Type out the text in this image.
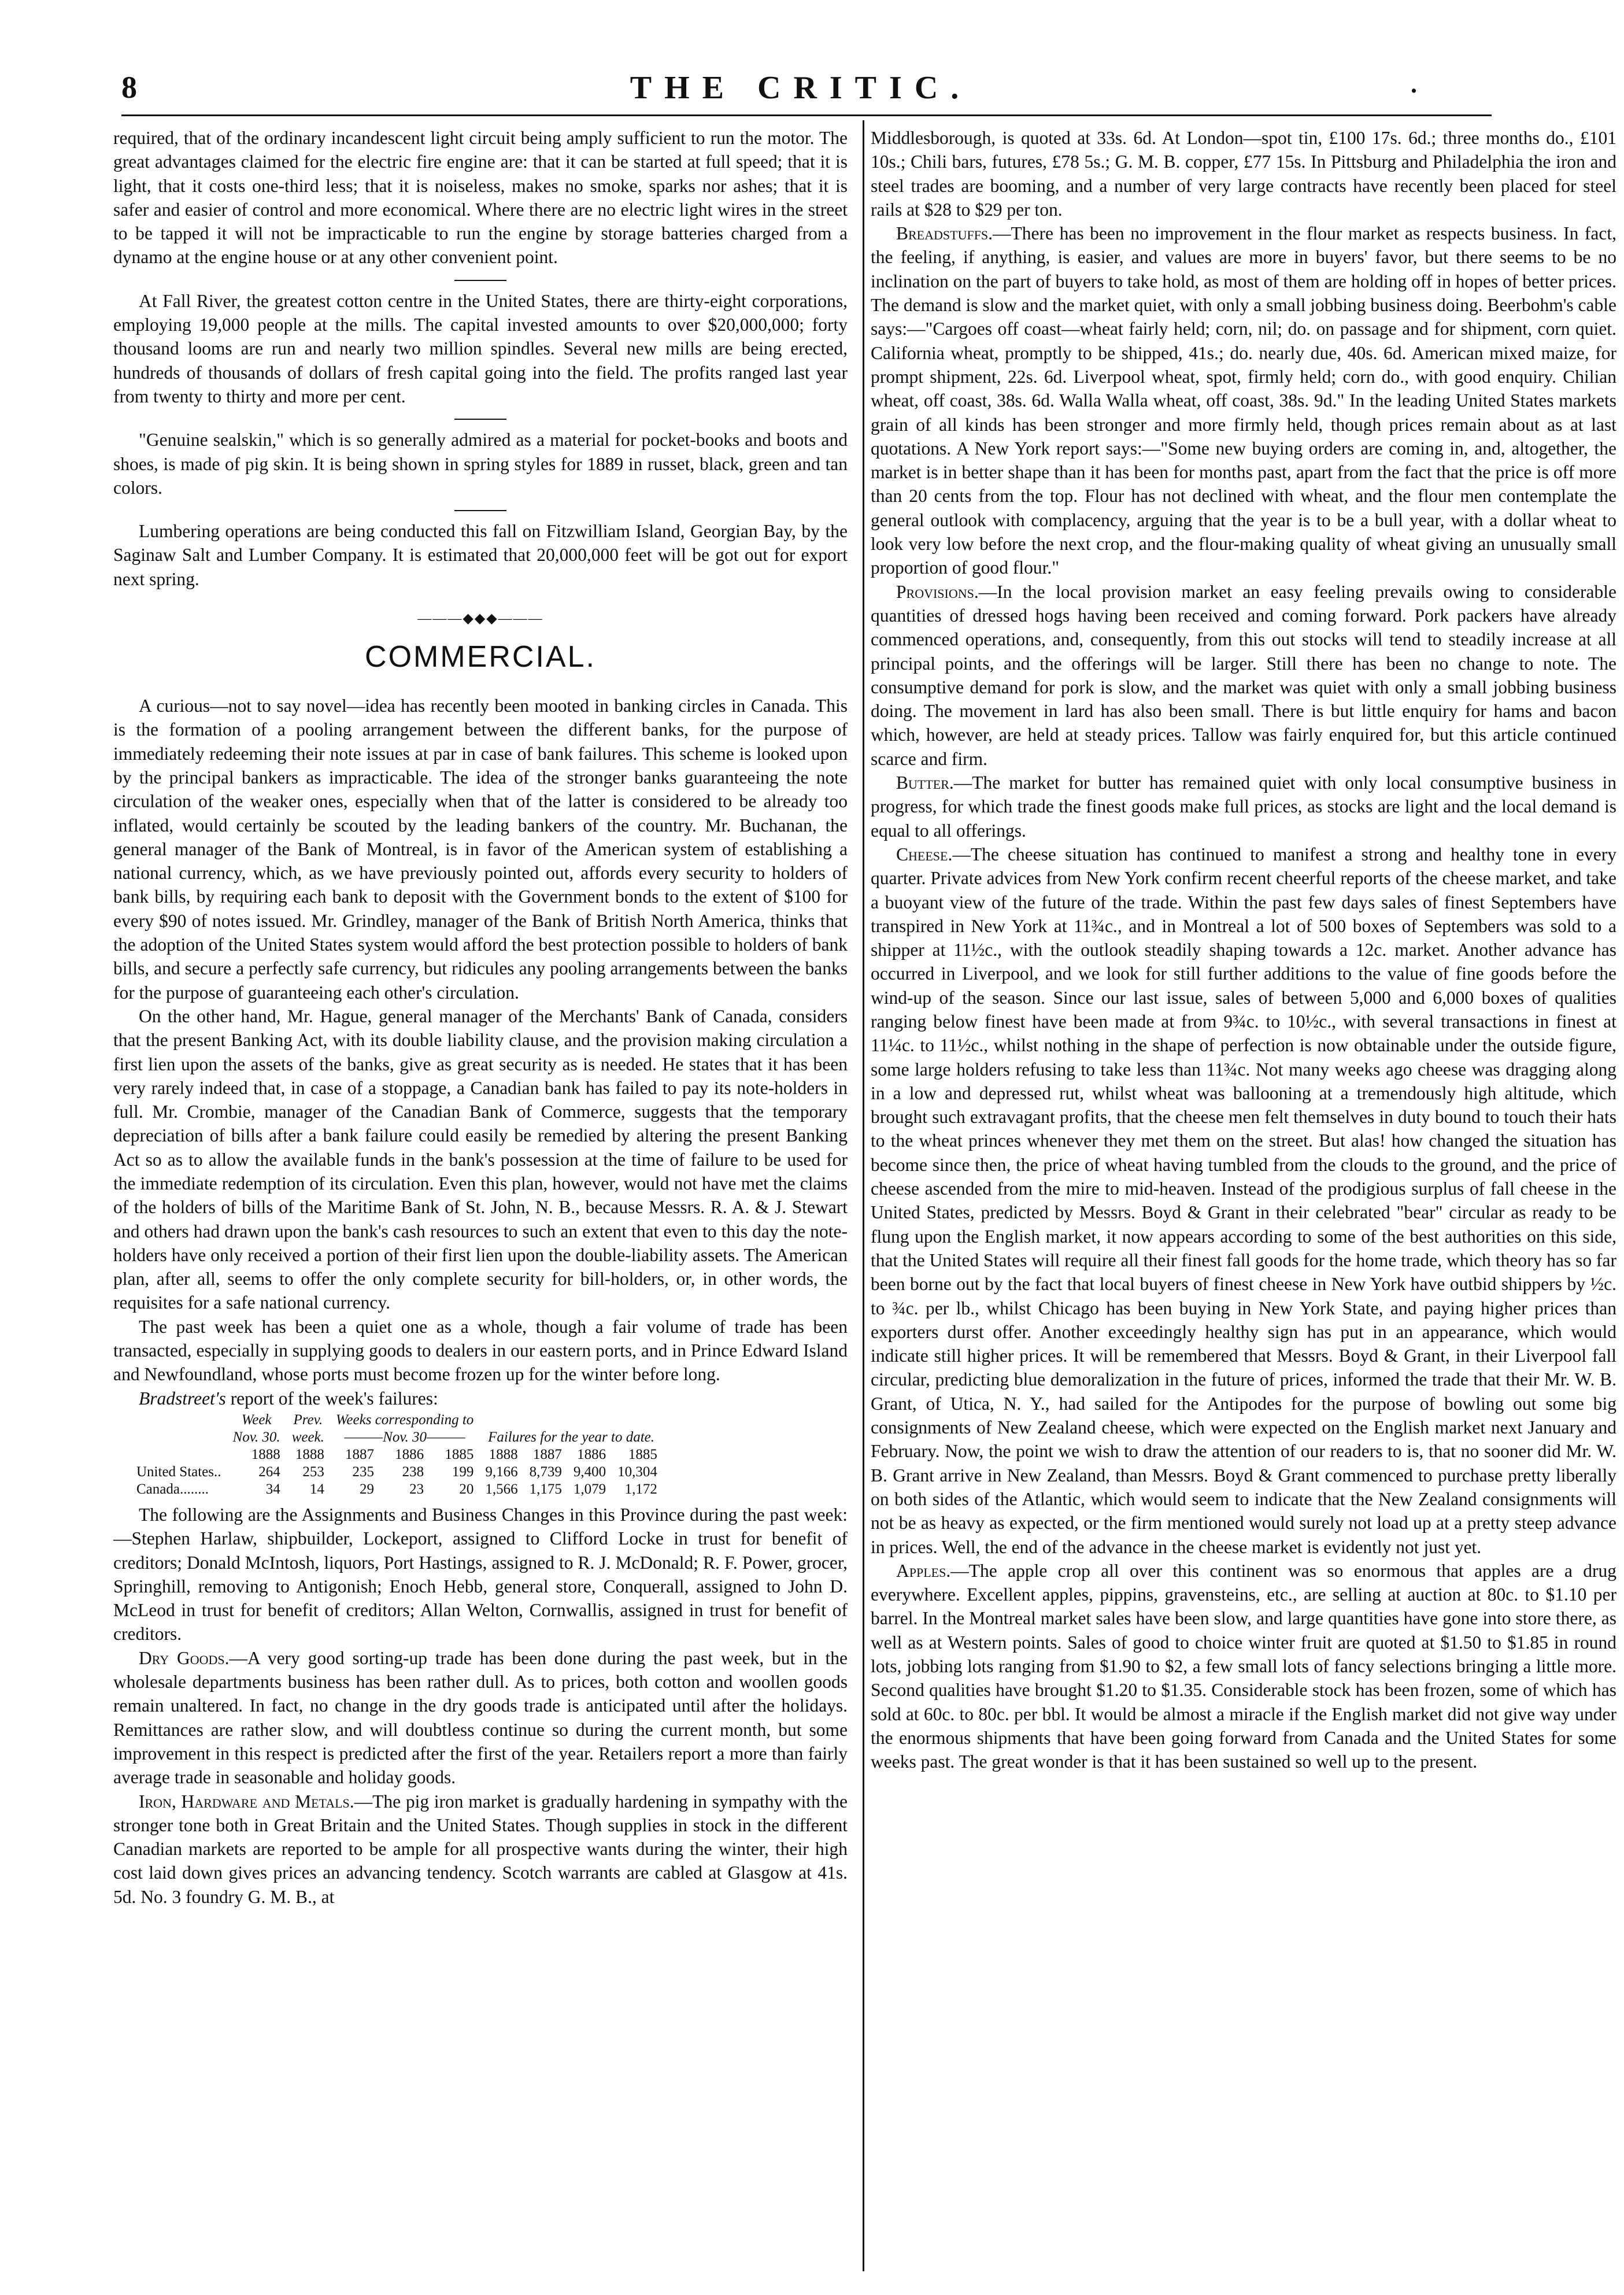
8	THE CRITIC.	.

required, that of the ordinary incandescent light circuit being amply sufficient to run the motor. The great advantages claimed for the electric fire engine are: that it can be started at full speed; that it is light, that it costs one-third less; that it is noiseless, makes no smoke, sparks nor ashes; that it is safer and easier of control and more economical. Where there are no electric light wires in the street to be tapped it will not be impracticable to run the engine by storage batteries charged from a dynamo at the engine house or at any other convenient point.

At Fall River, the greatest cotton centre in the United States, there are thirty-eight corporations, employing 19,000 people at the mills. The capital invested amounts to over $20,000,000; forty thousand looms are run and nearly two million spindles. Several new mills are being erected, hundreds of thousands of dollars of fresh capital going into the field. The profits ranged last year from twenty to thirty and more per cent.

"Genuine sealskin," which is so generally admired as a material for pocket-books and boots and shoes, is made of pig skin. It is being shown in spring styles for 1889 in russet, black, green and tan colors.

Lumbering operations are being conducted this fall on Fitzwilliam Island, Georgian Bay, by the Saginaw Salt and Lumber Company. It is estimated that 20,000,000 feet will be got out for export next spring.

———◆◆◆———
COMMERCIAL.

A curious—not to say novel—idea has recently been mooted in banking circles in Canada. This is the formation of a pooling arrangement between the different banks, for the purpose of immediately redeeming their note issues at par in case of bank failures. This scheme is looked upon by the principal bankers as impracticable. The idea of the stronger banks guaranteeing the note circulation of the weaker ones, especially when that of the latter is considered to be already too inflated, would certainly be scouted by the leading bankers of the country. Mr. Buchanan, the general manager of the Bank of Montreal, is in favor of the American system of establishing a national currency, which, as we have previously pointed out, affords every security to holders of bank bills, by requiring each bank to deposit with the Government bonds to the extent of $100 for every $90 of notes issued. Mr. Grindley, manager of the Bank of British North America, thinks that the adoption of the United States system would afford the best protection possible to holders of bank bills, and secure a perfectly safe currency, but ridicules any pooling arrangements between the banks for the purpose of guaranteeing each other's circulation.

On the other hand, Mr. Hague, general manager of the Merchants' Bank of Canada, considers that the present Banking Act, with its double liability clause, and the provision making circulation a first lien upon the assets of the banks, give as great security as is needed. He states that it has been very rarely indeed that, in case of a stoppage, a Canadian bank has failed to pay its note-holders in full. Mr. Crombie, manager of the Canadian Bank of Commerce, suggests that the temporary depreciation of bills after a bank failure could easily be remedied by altering the present Banking Act so as to allow the available funds in the bank's possession at the time of failure to be used for the immediate redemption of its circulation. Even this plan, however, would not have met the claims of the holders of bills of the Maritime Bank of St. John, N. B., because Messrs. R. A. & J. Stewart and others had drawn upon the bank's cash resources to such an extent that even to this day the note-holders have only received a portion of their first lien upon the double-liability assets. The American plan, after all, seems to offer the only complete security for bill-holders, or, in other words, the requisites for a safe national currency.

The past week has been a quiet one as a whole, though a fair volume of trade has been transacted, especially in supplying goods to dealers in our eastern ports, and in Prince Edward Island and Newfoundland, whose ports must become frozen up for the winter before long.

Bradstreet's report of the week's failures:

	Week	Prev.	Weeks corresponding to						
	Nov. 30.	week.	———Nov. 30———			Failures for the year to date.			
	1888	1888	1887	1886	1885	1888	1887	1886	1885
United States..	264	253	235	238	199	9,166	8,739	9,400	10,304
Canada........	34	14	29	23	20	1,566	1,175	1,079	1,172

The following are the Assignments and Business Changes in this Province during the past week:—Stephen Harlaw, shipbuilder, Lockeport, assigned to Clifford Locke in trust for benefit of creditors; Donald McIntosh, liquors, Port Hastings, assigned to R. J. McDonald; R. F. Power, grocer, Springhill, removing to Antigonish; Enoch Hebb, general store, Conquerall, assigned to John D. McLeod in trust for benefit of creditors; Allan Welton, Cornwallis, assigned in trust for benefit of creditors.

Dry Goods.—A very good sorting-up trade has been done during the past week, but in the wholesale departments business has been rather dull. As to prices, both cotton and woollen goods remain unaltered. In fact, no change in the dry goods trade is anticipated until after the holidays. Remittances are rather slow, and will doubtless continue so during the current month, but some improvement in this respect is predicted after the first of the year. Retailers report a more than fairly average trade in seasonable and holiday goods.

Iron, Hardware and Metals.—The pig iron market is gradually hardening in sympathy with the stronger tone both in Great Britain and the United States. Though supplies in stock in the different Canadian markets are reported to be ample for all prospective wants during the winter, their high cost laid down gives prices an advancing tendency. Scotch warrants are cabled at Glasgow at 41s. 5d. No. 3 foundry G. M. B., at

Middlesborough, is quoted at 33s. 6d. At London—spot tin, £100 17s. 6d.; three months do., £101 10s.; Chili bars, futures, £78 5s.; G. M. B. copper, £77 15s. In Pittsburg and Philadelphia the iron and steel trades are booming, and a number of very large contracts have recently been placed for steel rails at $28 to $29 per ton.

Breadstuffs.—There has been no improvement in the flour market as respects business. In fact, the feeling, if anything, is easier, and values are more in buyers' favor, but there seems to be no inclination on the part of buyers to take hold, as most of them are holding off in hopes of better prices. The demand is slow and the market quiet, with only a small jobbing business doing. Beerbohm's cable says:—"Cargoes off coast—wheat fairly held; corn, nil; do. on passage and for shipment, corn quiet. California wheat, promptly to be shipped, 41s.; do. nearly due, 40s. 6d. American mixed maize, for prompt shipment, 22s. 6d. Liverpool wheat, spot, firmly held; corn do., with good enquiry. Chilian wheat, off coast, 38s. 6d. Walla Walla wheat, off coast, 38s. 9d." In the leading United States markets grain of all kinds has been stronger and more firmly held, though prices remain about as at last quotations. A New York report says:—"Some new buying orders are coming in, and, altogether, the market is in better shape than it has been for months past, apart from the fact that the price is off more than 20 cents from the top. Flour has not declined with wheat, and the flour men contemplate the general outlook with complacency, arguing that the year is to be a bull year, with a dollar wheat to look very low before the next crop, and the flour-making quality of wheat giving an unusually small proportion of good flour."

Provisions.—In the local provision market an easy feeling prevails owing to considerable quantities of dressed hogs having been received and coming forward. Pork packers have already commenced operations, and, consequently, from this out stocks will tend to steadily increase at all principal points, and the offerings will be larger. Still there has been no change to note. The consumptive demand for pork is slow, and the market was quiet with only a small jobbing business doing. The movement in lard has also been small. There is but little enquiry for hams and bacon which, however, are held at steady prices. Tallow was fairly enquired for, but this article continued scarce and firm.

Butter.—The market for butter has remained quiet with only local consumptive business in progress, for which trade the finest goods make full prices, as stocks are light and the local demand is equal to all offerings.

Cheese.—The cheese situation has continued to manifest a strong and healthy tone in every quarter. Private advices from New York confirm recent cheerful reports of the cheese market, and take a buoyant view of the future of the trade. Within the past few days sales of finest Septembers have transpired in New York at 11¾c., and in Montreal a lot of 500 boxes of Septembers was sold to a shipper at 11½c., with the outlook steadily shaping towards a 12c. market. Another advance has occurred in Liverpool, and we look for still further additions to the value of fine goods before the wind-up of the season. Since our last issue, sales of between 5,000 and 6,000 boxes of qualities ranging below finest have been made at from 9¾c. to 10½c., with several transactions in finest at 11¼c. to 11½c., whilst nothing in the shape of perfection is now obtainable under the outside figure, some large holders refusing to take less than 11¾c. Not many weeks ago cheese was dragging along in a low and depressed rut, whilst wheat was ballooning at a tremendously high altitude, which brought such extravagant profits, that the cheese men felt themselves in duty bound to touch their hats to the wheat princes whenever they met them on the street. But alas! how changed the situation has become since then, the price of wheat having tumbled from the clouds to the ground, and the price of cheese ascended from the mire to mid-heaven. Instead of the prodigious surplus of fall cheese in the United States, predicted by Messrs. Boyd & Grant in their celebrated "bear" circular as ready to be flung upon the English market, it now appears according to some of the best authorities on this side, that the United States will require all their finest fall goods for the home trade, which theory has so far been borne out by the fact that local buyers of finest cheese in New York have outbid shippers by ½c. to ¾c. per lb., whilst Chicago has been buying in New York State, and paying higher prices than exporters durst offer. Another exceedingly healthy sign has put in an appearance, which would indicate still higher prices. It will be remembered that Messrs. Boyd & Grant, in their Liverpool fall circular, predicting blue demoralization in the future of prices, informed the trade that their Mr. W. B. Grant, of Utica, N. Y., had sailed for the Antipodes for the purpose of bowling out some big consignments of New Zealand cheese, which were expected on the English market next January and February. Now, the point we wish to draw the attention of our readers to is, that no sooner did Mr. W. B. Grant arrive in New Zealand, than Messrs. Boyd & Grant commenced to purchase pretty liberally on both sides of the Atlantic, which would seem to indicate that the New Zealand consignments will not be as heavy as expected, or the firm mentioned would surely not load up at a pretty steep advance in prices. Well, the end of the advance in the cheese market is evidently not just yet.

Apples.—The apple crop all over this continent was so enormous that apples are a drug everywhere. Excellent apples, pippins, gravensteins, etc., are selling at auction at 80c. to $1.10 per barrel. In the Montreal market sales have been slow, and large quantities have gone into store there, as well as at Western points. Sales of good to choice winter fruit are quoted at $1.50 to $1.85 in round lots, jobbing lots ranging from $1.90 to $2, a few small lots of fancy selections bringing a little more. Second qualities have brought $1.20 to $1.35. Considerable stock has been frozen, some of which has sold at 60c. to 80c. per bbl. It would be almost a miracle if the English market did not give way under the enormous shipments that have been going forward from Canada and the United States for some weeks past. The great wonder is that it has been sustained so well up to the present.
